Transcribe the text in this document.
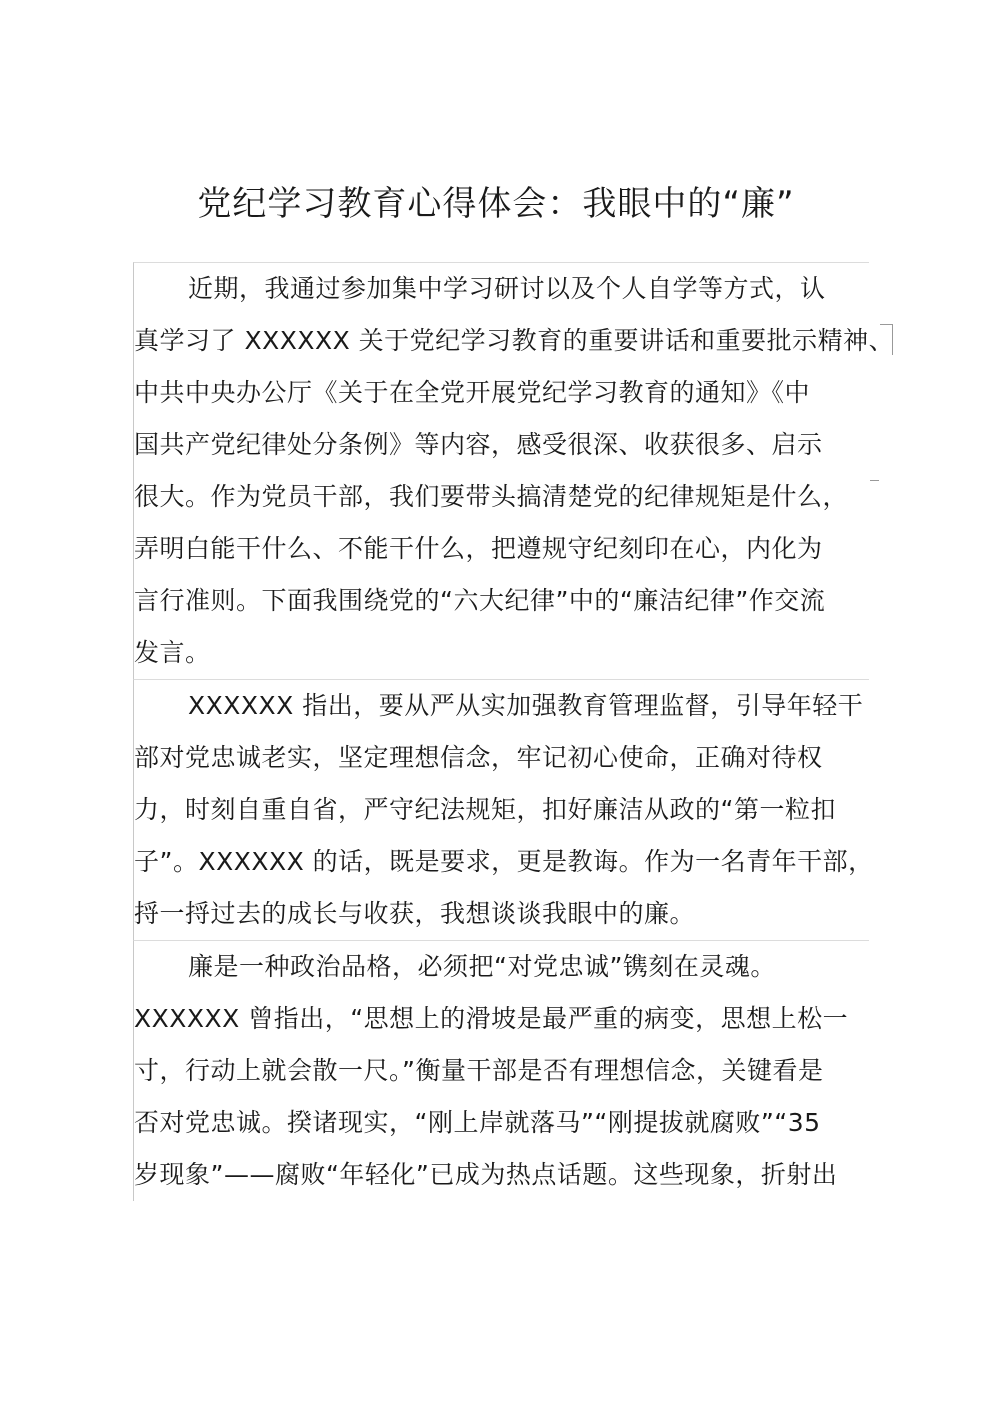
党纪学习教育心得体会：我眼中的“廉”
近期，我通过参加集中学习研讨以及个人自学等方式，认
真学习了 XXXXXX 关于党纪学习教育的重要讲话和重要批示精神、
中共中央办公厅《关于在全党开展党纪学习教育的通知》《中
国共产党纪律处分条例》等内容，感受很深、收获很多、启示
很大。作为党员干部，我们要带头搞清楚党的纪律规矩是什么，
弄明白能干什么、不能干什么，把遵规守纪刻印在心，内化为
言行准则。下面我围绕党的“六大纪律”中的“廉洁纪律”作交流
发言。
XXXXXX 指出，要从严从实加强教育管理监督，引导年轻干
部对党忠诚老实，坚定理想信念，牢记初心使命，正确对待权
力，时刻自重自省，严守纪法规矩，扣好廉洁从政的“第一粒扣
子”。XXXXXX 的话，既是要求，更是教诲。作为一名青年干部，
捋一捋过去的成长与收获，我想谈谈我眼中的廉。
廉是一种政治品格，必须把“对党忠诚”镌刻在灵魂。
XXXXXX 曾指出，“思想上的滑坡是最严重的病变，思想上松一
寸，行动上就会散一尺。”衡量干部是否有理想信念，关键看是
否对党忠诚。揆诸现实，“刚上岸就落马”“刚提拔就腐败”“35
岁现象”——腐败“年轻化”已成为热点话题。这些现象，折射出
